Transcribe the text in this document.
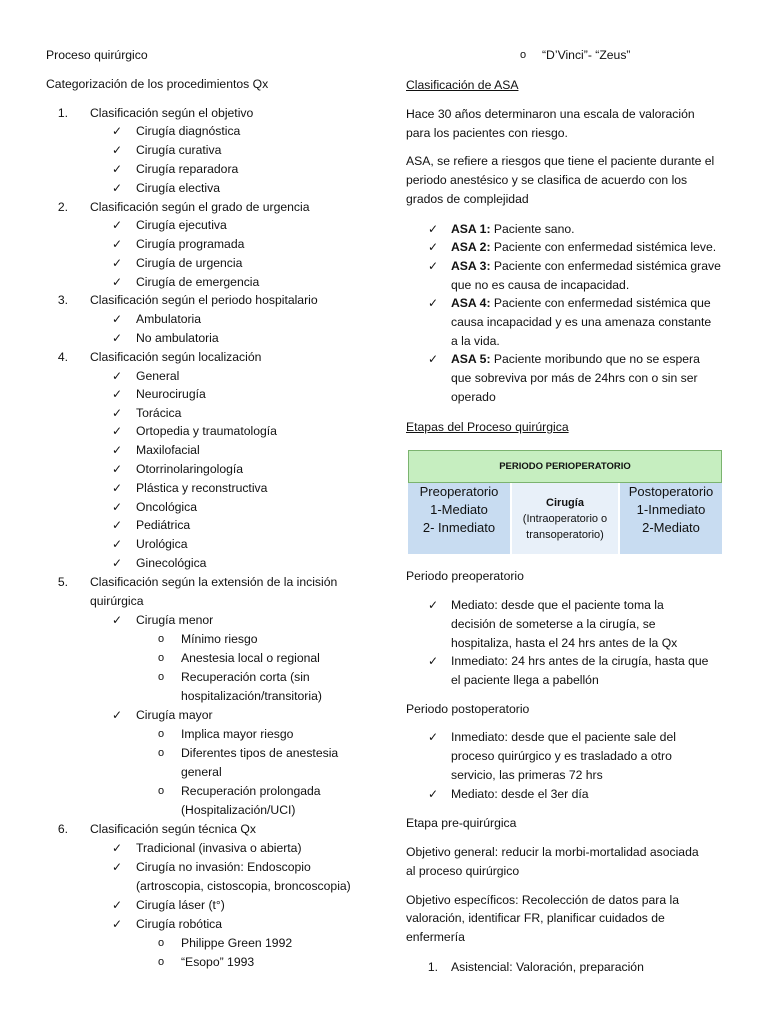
Proceso quirúrgico
Categorización de los procedimientos Qx
1. Clasificación según el objetivo
✓ Cirugía diagnóstica
✓ Cirugía curativa
✓ Cirugía reparadora
✓ Cirugía electiva
2. Clasificación según el grado de urgencia
✓ Cirugía ejecutiva
✓ Cirugía programada
✓ Cirugía de urgencia
✓ Cirugía de emergencia
3. Clasificación según el periodo hospitalario
✓ Ambulatoria
✓ No ambulatoria
4. Clasificación según localización
✓ General
✓ Neurocirugía
✓ Torácica
✓ Ortopedia y traumatología
✓ Maxilofacial
✓ Otorrinolaringología
✓ Plástica y reconstructiva
✓ Oncológica
✓ Pediátrica
✓ Urológica
✓ Ginecológica
5. Clasificación según la extensión de la incisión
quirúrgica
✓ Cirugía menor
o Mínimo riesgo
o Anestesia local o regional
o Recuperación corta (sin
hospitalización/transitoria)
✓ Cirugía mayor
o Implica mayor riesgo
o Diferentes tipos de anestesia
general
o Recuperación prolongada
(Hospitalización/UCI)
6. Clasificación según técnica Qx
✓ Tradicional (invasiva o abierta)
✓ Cirugía no invasión: Endoscopio
(artroscopia, cistoscopia, broncoscopia)
✓ Cirugía láser (t°)
✓ Cirugía robótica
o Philippe Green 1992
o “Esopo” 1993
o “D’Vinci”- “Zeus”
Clasificación de ASA
Hace 30 años determinaron una escala de valoración
para los pacientes con riesgo.
ASA, se refiere a riesgos que tiene el paciente durante el
periodo anestésico y se clasifica de acuerdo con los
grados de complejidad
✓ ASA 1: Paciente sano.
✓ ASA 2: Paciente con enfermedad sistémica leve.
✓ ASA 3: Paciente con enfermedad sistémica grave
que no es causa de incapacidad.
✓ ASA 4: Paciente con enfermedad sistémica que
causa incapacidad y es una amenaza constante
a la vida.
✓ ASA 5: Paciente moribundo que no se espera
que sobreviva por más de 24hrs con o sin ser
operado
Etapas del Proceso quirúrgica
PERIODO PERIOPERATORIO
Preoperatorio
1-Mediato
2- Inmediato
Cirugía
(Intraoperatorio o
transoperatorio)
Postoperatorio
1-Inmediato
2-Mediato
Periodo preoperatorio
✓ Mediato: desde que el paciente toma la
decisión de someterse a la cirugía, se
hospitaliza, hasta el 24 hrs antes de la Qx
✓ Inmediato: 24 hrs antes de la cirugía, hasta que
el paciente llega a pabellón
Periodo postoperatorio
✓ Inmediato: desde que el paciente sale del
proceso quirúrgico y es trasladado a otro
servicio, las primeras 72 hrs
✓ Mediato: desde el 3er día
Etapa pre-quirúrgica
Objetivo general: reducir la morbi-mortalidad asociada
al proceso quirúrgico
Objetivo específicos: Recolección de datos para la
valoración, identificar FR, planificar cuidados de
enfermería
1. Asistencial: Valoración, preparación
